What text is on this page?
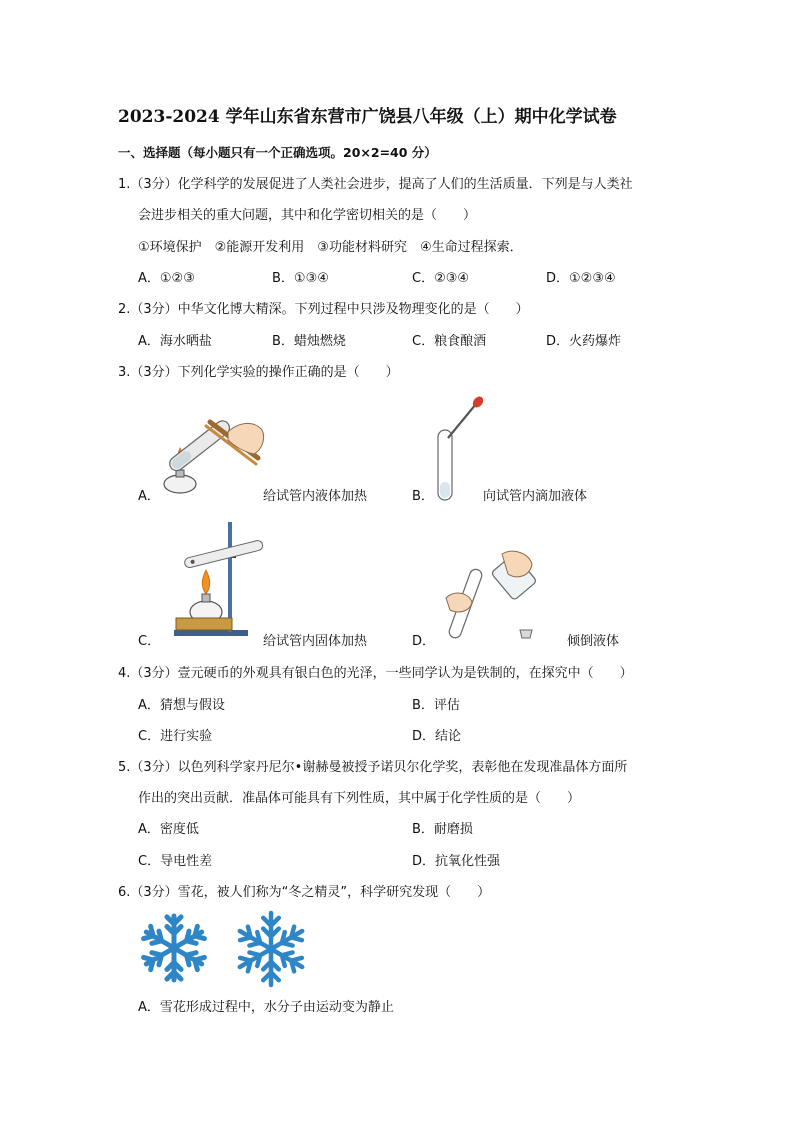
2023-2024 学年山东省东营市广饶县八年级（上）期中化学试卷
一、选择题（每小题只有一个正确选项。20×2=40 分）
1.（3分）化学科学的发展促进了人类社会进步，提高了人们的生活质量．下列是与人类社
会进步相关的重大问题，其中和化学密切相关的是（　　）
①环境保护　②能源开发利用　③功能材料研究　④生命过程探索．
A．①②③	B．①③④	C．②③④	D．①②③④
2.（3分）中华文化博大精深。下列过程中只涉及物理变化的是（　　）
A．海水晒盐	B．蜡烛燃烧	C．粮食酿酒	D．火药爆炸
3.（3分）下列化学实验的操作正确的是（　　）
A．	给试管内液体加热	B．	向试管内滴加液体
C．	给试管内固体加热	D．	倾倒液体
4.（3分）壹元硬币的外观具有银白色的光泽，一些同学认为是铁制的，在探究中（　　）
A．猜想与假设	B．评估
C．进行实验	D．结论
5.（3分）以色列科学家丹尼尔•谢赫曼被授予诺贝尔化学奖，表彰他在发现准晶体方面所
作出的突出贡献．准晶体可能具有下列性质，其中属于化学性质的是（　　）
A．密度低	B．耐磨损
C．导电性差	D．抗氧化性强
6.（3分）雪花，被人们称为“冬之精灵”，科学研究发现（　　）
A．雪花形成过程中，水分子由运动变为静止
